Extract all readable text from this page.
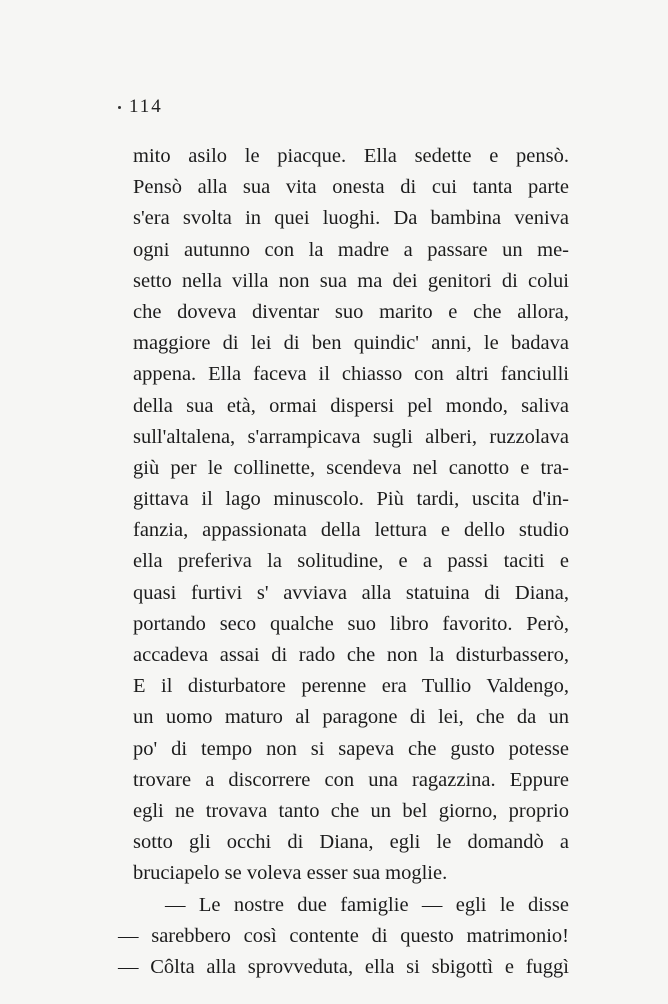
114
mito asilo le piacque. Ella sedette e pensò.
Pensò alla sua vita onesta di cui tanta parte
s'era svolta in quei luoghi. Da bambina veniva
ogni autunno con la madre a passare un me-
setto nella villa non sua ma dei genitori di colui
che doveva diventar suo marito e che allora,
maggiore di lei di ben quindic' anni, le badava
appena. Ella faceva il chiasso con altri fanciulli
della sua età, ormai dispersi pel mondo, saliva
sull'altalena, s'arrampicava sugli alberi, ruzzolava
giù per le collinette, scendeva nel canotto e tra-
gittava il lago minuscolo. Più tardi, uscita d'in-
fanzia, appassionata della lettura e dello studio
ella preferiva la solitudine, e a passi taciti e
quasi furtivi s' avviava alla statuina di Diana,
portando seco qualche suo libro favorito. Però,
accadeva assai di rado che non la disturbassero,
E il disturbatore perenne era Tullio Valdengo,
un uomo maturo al paragone di lei, che da un
po' di tempo non si sapeva che gusto potesse
trovare a discorrere con una ragazzina. Eppure
egli ne trovava tanto che un bel giorno, proprio
sotto gli occhi di Diana, egli le domandò a
bruciapelo se voleva esser sua moglie.
— Le nostre due famiglie — egli le disse
— sarebbero così contente di questo matrimonio!
— Côlta alla sprovveduta, ella si sbigottì e fuggì
